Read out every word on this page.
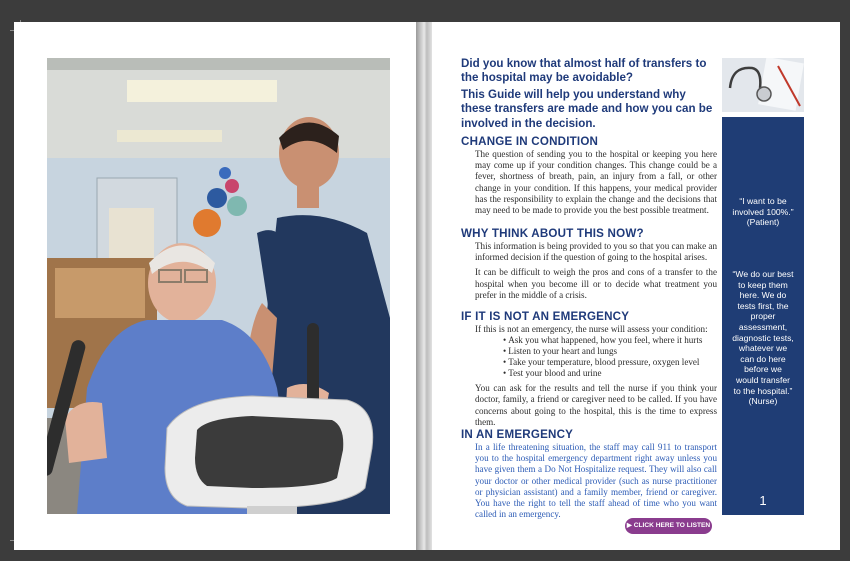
Did you know that almost half of transfers to the hospital may be avoidable?

This Guide will help you understand why these transfers are made and how you can be involved in the decision.

CHANGE IN CONDITION

The question of sending you to the hospital or keeping you here may come up if your condition changes. This change could be a fever, shortness of breath, pain, an injury from a fall, or other change in your condition. If this happens, your medical provider has the responsibility to explain the change and the decisions that may need to be made to provide you the best possible treatment.

WHY THINK ABOUT THIS NOW?

This information is being provided to you so that you can make an informed decision if the question of going to the hospital arises.

It can be difficult to weigh the pros and cons of a transfer to the hospital when you become ill or to decide what treatment you prefer in the middle of a crisis.

IF IT IS NOT AN EMERGENCY

If this is not an emergency, the nurse will assess your condition:

• Ask you what happened, how you feel, where it hurts
• Listen to your heart and lungs
• Take your temperature, blood pressure, oxygen level
• Test your blood and urine

You can ask for the results and tell the nurse if you think your doctor, family, a friend or caregiver need to be called. If you have concerns about going to the hospital, this is the time to express them.

IN AN EMERGENCY

In a life threatening situation, the staff may call 911 to transport you to the hospital emergency department right away unless you have given them a Do Not Hospitalize request. They will also call your doctor or other medical provider (such as nurse practitioner or physician assistant) and a family member, friend or caregiver. You have the right to tell the staff ahead of time who you want called in an emergency.

“I want to be involved 100%.”
(Patient)
“We do our best to keep them here. We do tests first, the proper assessment, diagnostic tests, whatever we can do here before we would transfer to the hospital.”
(Nurse)
1
▶ CLICK HERE TO LISTEN
